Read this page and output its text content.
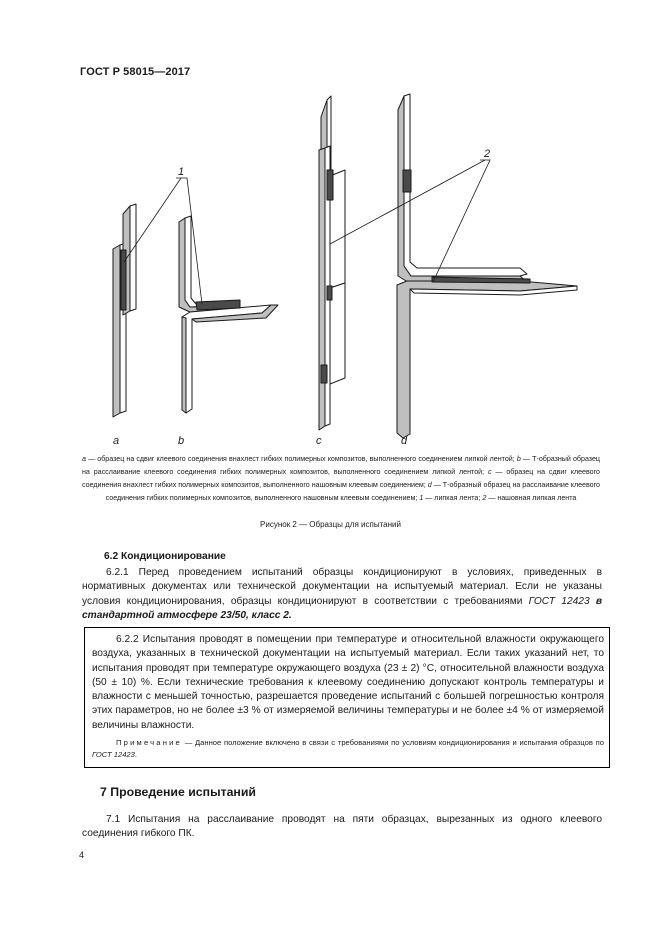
ГОСТ Р 58015—2017
1
2
a	b	c	d
a — образец на сдвиг клеевого соединения внахлест гибких полимерных композитов, выполненного соединением липкой лентой; b — Т-образный образец на расслаивание клеевого соединения гибких полимерных композитов, выполненного соединением липкой лентой; c — образец на сдвиг клеевого соединения внахлест гибких полимерных композитов, выполненного нашовным клеевым соединением; d — Т-образный образец на расслаивание клеевого соединения гибких полимерных композитов, выполненного нашовным клеевым соединением; 1 — липкая лента; 2 — нашовная липкая лента
Рисунок 2 — Образцы для испытаний
6.2 Кондиционирование
6.2.1 Перед проведением испытаний образцы кондиционируют в условиях, приведенных в нормативных документах или технической документации на испытуемый материал. Если не указаны условия кондиционирования, образцы кондиционируют в соответствии с требованиями ГОСТ 12423 в стандартной атмосфере 23/50, класс 2.
6.2.2 Испытания проводят в помещении при температуре и относительной влажности окружающего воздуха, указанных в технической документации на испытуемый материал. Если таких указаний нет, то испытания проводят при температуре окружающего воздуха (23 ± 2) °С, относительной влажности воздуха (50 ± 10) %. Если технические требования к клеевому соединению допускают контроль температуры и влажности с меньшей точностью, разрешается проведение испытаний с большей погрешностью контроля этих параметров, но не более ±3 % от измеряемой величины температуры и не более ±4 % от измеряемой величины влажности.
Примечание — Данное положение включено в связи с требованиями по условиям кондиционирования и испытания образцов по ГОСТ 12423.
7 Проведение испытаний
7.1 Испытания на расслаивание проводят на пяти образцах, вырезанных из одного клеевого соединения гибкого ПК.
4
